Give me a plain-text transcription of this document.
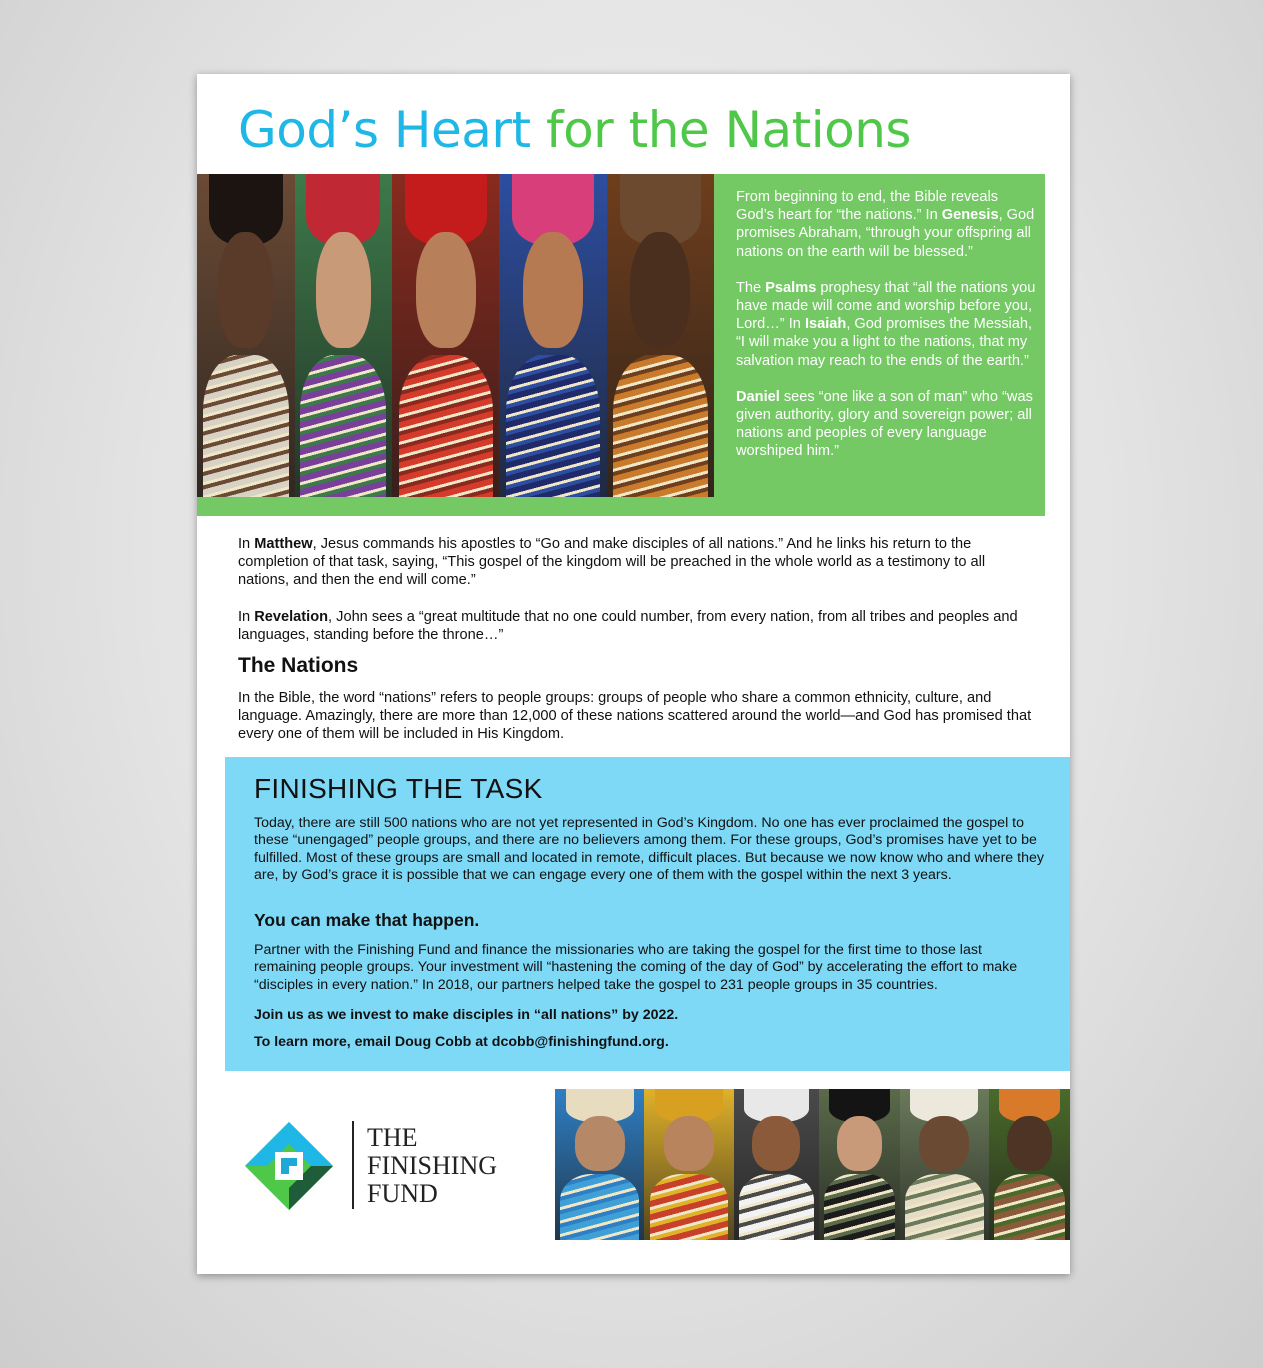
God’s Heart for the Nations

From beginning to end, the Bible reveals God’s heart for “the nations.” In Genesis, God promises Abraham, “through your offspring all nations on the earth will be blessed.”

The Psalms prophesy that “all the nations you have made will come and worship before you, Lord…” In Isaiah, God promises the Messiah, “I will make you a light to the nations, that my salvation may reach to the ends of the earth.”

Daniel sees “one like a son of man” who “was given authority, glory and sovereign power; all nations and peoples of every language worshiped him.”

In Matthew, Jesus commands his apostles to “Go and make disciples of all nations.” And he links his return to the completion of that task, saying, “This gospel of the kingdom will be preached in the whole world as a testimony to all nations, and then the end will come.”

In Revelation, John sees a “great multitude that no one could number, from every nation, from all tribes and peoples and languages, standing before the throne…”

The Nations

In the Bible, the word “nations” refers to people groups: groups of people who share a common ethnicity, culture, and language. Amazingly, there are more than 12,000 of these nations scattered around the world—and God has promised that every one of them will be included in His Kingdom.

FINISHING THE TASK

Today, there are still 500 nations who are not yet represented in God’s Kingdom. No one has ever proclaimed the gospel to these “unengaged” people groups, and there are no believers among them. For these groups, God’s promises have yet to be fulfilled. Most of these groups are small and located in remote, difficult places. But because we now know who and where they are, by God’s grace it is possible that we can engage every one of them with the gospel within the next 3 years.

You can make that happen.

Partner with the Finishing Fund and finance the missionaries who are taking the gospel for the first time to those last remaining people groups. Your investment will “hastening the coming of the day of God” by accelerating the effort to make “disciples in every nation.” In 2018, our partners helped take the gospel to 231 people groups in 35 countries.

Join us as we invest to make disciples in “all nations” by 2022.

To learn more, email Doug Cobb at dcobb@finishingfund.org.

THE
FINISHING
FUND
